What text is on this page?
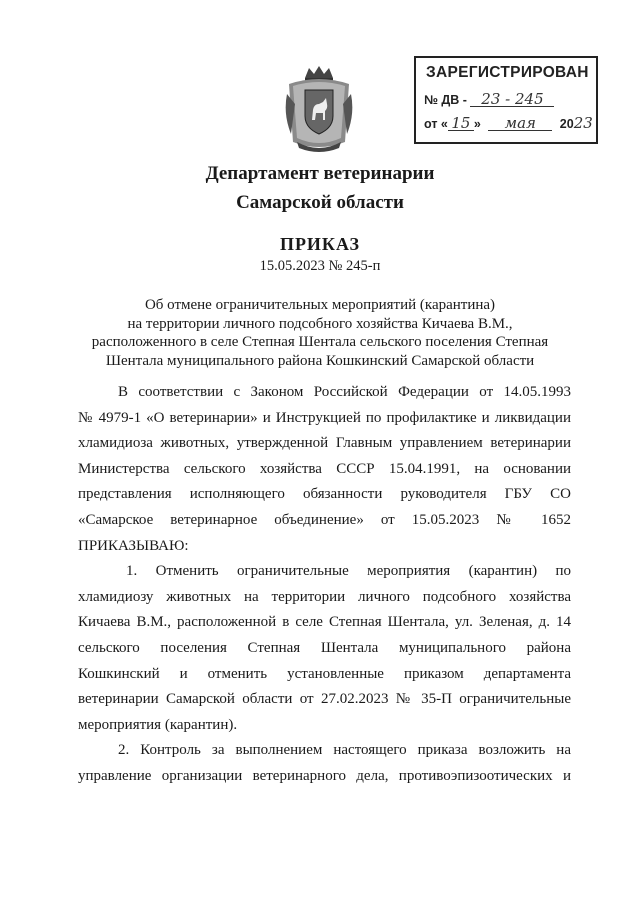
ЗАРЕГИСТРИРОВАН
№ ДВ - 23 - 245
от « 15 » мая 2023
Департамент ветеринарии
Самарской области
ПРИКАЗ
15.05.2023 № 245-п
Об отмене ограничительных мероприятий (карантина)
на территории личного подсобного хозяйства Кичаева В.М.,
расположенного в селе Степная Шентала сельского поселения Степная
Шентала муниципального района Кошкинский Самарской области
В соответствии с Законом Российской Федерации от 14.05.1993
№ 4979-1 «О ветеринарии» и Инструкцией по профилактике и ликвидации
хламидиоза животных, утвержденной Главным управлением ветеринарии
Министерства сельского хозяйства СССР 15.04.1991, на основании
представления исполняющего обязанности руководителя ГБУ СО
«Самарское ветеринарное объединение» от 15.05.2023 № 1652
ПРИКАЗЫВАЮ:
1. Отменить ограничительные мероприятия (карантин) по
хламидиозу животных на территории личного подсобного хозяйства
Кичаева В.М., расположенной в селе Степная Шентала, ул. Зеленая, д. 14
сельского поселения Степная Шентала муниципального района
Кошкинский и отменить установленные приказом департамента
ветеринарии Самарской области от 27.02.2023 № 35-П ограничительные
мероприятия (карантин).
2. Контроль за выполнением настоящего приказа возложить на
управление организации ветеринарного дела, противоэпизоотических и
